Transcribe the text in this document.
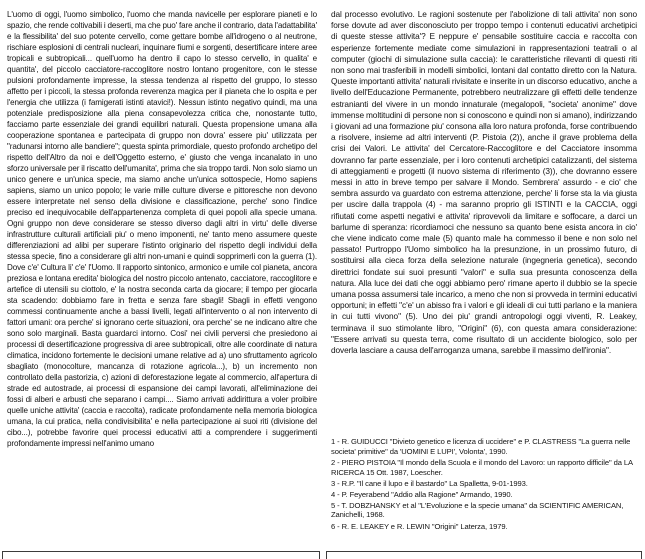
L'uomo di oggi, l'uomo simbolico, l'uomo che manda navicelle per esplorare pianeti e lo spazio, che rende coltivabili i deserti, ma che puo' fare anche il contrario, data l'adattabilita' e la flessibilita' del suo potente cervello, come gettare bombe all'idrogeno o al neutrone, rischiare esplosioni di centrali nucleari, inquinare fiumi e sorgenti, desertificare intere aree tropicali e subtropicali... quell'uomo ha dentro il capo lo stesso cervello, in qualita' e quantita', del piccolo cacciatore-raccoglitore nostro lontano progenitore, con le stesse pulsioni profondamente impresse, la stessa tendenza al rispetto del gruppo, lo stesso affetto per i piccoli, la stessa profonda reverenza magica per il pianeta che lo ospita e per l'energia che utilizza (i famigerati istinti atavici!). Nessun istinto negativo quindi, ma una potenziale predisposizione alla piena consapevolezza critica che, nonostante tutto, facciamo parte essenziale dei grandi equilibri naturali. Questa propensione umana alla cooperazione spontanea e partecipata di gruppo non dovra' essere piu' utilizzata per "radunarsi intorno alle bandiere"; questa spinta primordiale, questo profondo archetipo del rispetto dell'Altro da noi e dell'Oggetto esterno, e' giusto che venga incanalato in uno sforzo universale per il riscatto dell'umanita', prima che sia troppo tardi. Non solo siamo un unico genere e un'unica specie, ma siamo anche un'unica sottospecie, Homo sapiens sapiens, siamo un unico popolo; le varie mille culture diverse e pittoresche non devono essere interpretate nel senso della divisione e classificazione, perche' sono l'indice preciso ed inequivocabile dell'appartenenza completa di quei popoli alla specie umana. Ogni gruppo non deve considerare se stesso diverso dagli altri in virtu' delle diverse infrastrutture culturali artificiali piu' o meno imponenti, ne' tanto meno assumere queste differenziazioni ad alibi per superare l'istinto originario del rispetto degli individui della stessa specie, fino a considerare gli altri non-umani e quindi sopprimerli con la guerra (1). Dove c'e' Cultura li' c'e' l'Uomo. Il rapporto sintonico, armonico e umile col pianeta, ancora preziosa e lontana eredita' biologica del nostro piccolo antenato, cacciatore, raccoglitore e artefice di utensili su ciottolo, e' la nostra seconda carta da giocare; il tempo per giocarla sta scadendo: dobbiamo fare in fretta e senza fare sbagli! Sbagli in effetti vengono commessi continuamente anche a bassi livelli, legati all'intervento o al non intervento di fattori umani: ora perche' si ignorano certe situazioni, ora perche' se ne indicano altre che sono solo marginali. Basta guardarci intorno. Cosi' nei civili perversi che presiedono ai processi di desertificazione progressiva di aree subtropicali, oltre alle coordinate di natura climatica, incidono fortemente le decisioni umane relative ad a) uno sfruttamento agricolo sbagliato (monocolture, mancanza di rotazione agricola...), b) un incremento non controllato della pastorizia, c) azioni di deforestazione legate al commercio, all'apertura di strade ed autostrade, ai processi di espansione dei campi lavorati, all'eliminazione dei fossi di alberi e arbusti che separano i campi.... Siamo arrivati addirittura a voler proibire quelle uniche attivita' (caccia e raccolta), radicate profondamente nella memoria biologica umana, la cui pratica, nella condivisibilita' e nella partecipazione ai suoi riti (divisione del cibo...), potrebbe favorire quei processi educativi atti a comprendere i suggerimenti profondamente impressi nell'animo umano

dal processo evolutivo. Le ragioni sostenute per l'abolizione di tali attivita' non sono forse dovute ad aver disconosciuto per troppo tempo i contenuti educativi archetipici di queste stesse attivita'? E neppure e' pensabile sostituire caccia e raccolta con esperienze fortemente mediate come simulazioni in rappresentazioni teatrali o al computer (giochi di simulazione sulla caccia): le caratteristiche rilevanti di questi riti non sono mai trasferibili in modelli simbolici, lontani dal contatto diretto con la Natura. Queste importanti attivita' naturali rivisitate e inserite in un discorso educativo, anche a livello dell'Educazione Permanente, potrebbero neutralizzare gli effetti delle tendenze estranianti del vivere in un mondo innaturale (megalopoli, "societa' anonime" dove immense moltitudini di persone non si conoscono e quindi non si amano), indirizzando i giovani ad una formazione piu' consona alla loro natura profonda, forse contribuendo a risolvere, insieme ad altri interventi (P. Pistoia (2)), anche il grave problema della crisi dei Valori. Le attivita' del Cercatore-Raccoglitore e del Cacciatore insomma dovranno far parte essenziale, per i loro contenuti archetipici catalizzanti, del sistema di atteggiamenti e progetti (il nuovo sistema di riferimento (3)), che dovranno essere messi in atto in breve tempo per salvare il Mondo. Sembrera' assurdo - e cio' che sembra assurdo va guardato con estrema attenzione, perche' li forse sta la via giusta per uscire dalla trappola (4) - ma saranno proprio gli ISTINTI e la CACCIA, oggi rifiutati come aspetti negativi e attivita' riprovevoli da limitare e soffocare, a darci un barlume di speranza: ricordiamoci che nessuno sa quanto bene esista ancora in cio' che viene indicato come male (5) quanto male ha commesso il bene e non solo nel passato! Purtroppo l'Uomo simbolico ha la presunzione, in un prossimo futuro, di sostituirsi alla cieca forza della selezione naturale (ingegneria genetica), secondo direttrici fondate sui suoi presunti "valori" e sulla sua presunta conoscenza della natura. Alla luce dei dati che oggi abbiamo pero' rimane aperto il dubbio se la specie umana possa assumersi tale incarico, a meno che non si provveda in termini educativi opportuni; in effetti "c'e' un abisso fra i valori e gli ideali di cui tutti parlano e la maniera in cui tutti vivono" (5). Uno dei piu' grandi antropologi oggi viventi, R. Leakey, terminava il suo stimolante libro, "Origini" (6), con questa amara considerazione: "Essere arrivati su questa terra, come risultato di un accidente biologico, solo per doverla lasciare a causa dell'arroganza umana, sarebbe il massimo dell'ironia".

1 - R. GUIDUCCI "Divieto genetico e licenza di uccidere" e P. CLASTRESS "La guerra nelle societa' primitive" da 'UOMINI E LUPI', Volonta', 1990.

2 - PIERO PISTOIA "Il mondo della Scuola e il mondo del Lavoro: un rapporto difficile" da LA RICERCA 15 Ott. 1987, Loescher.

3 - R.P. "Il cane il lupo e il bastardo" La Spalletta, 9-01-1993.

4 - P. Feyerabend "Addio alla Ragione" Armando, 1990.

5 - T. DOBZHANSKY et al "L'Evoluzione e la specie umana" da SCIENTIFIC AMERICAN, Zanichelli, 1968.

6 - R. E. LEAKEY e R. LEWIN "Origini" Laterza, 1979.
